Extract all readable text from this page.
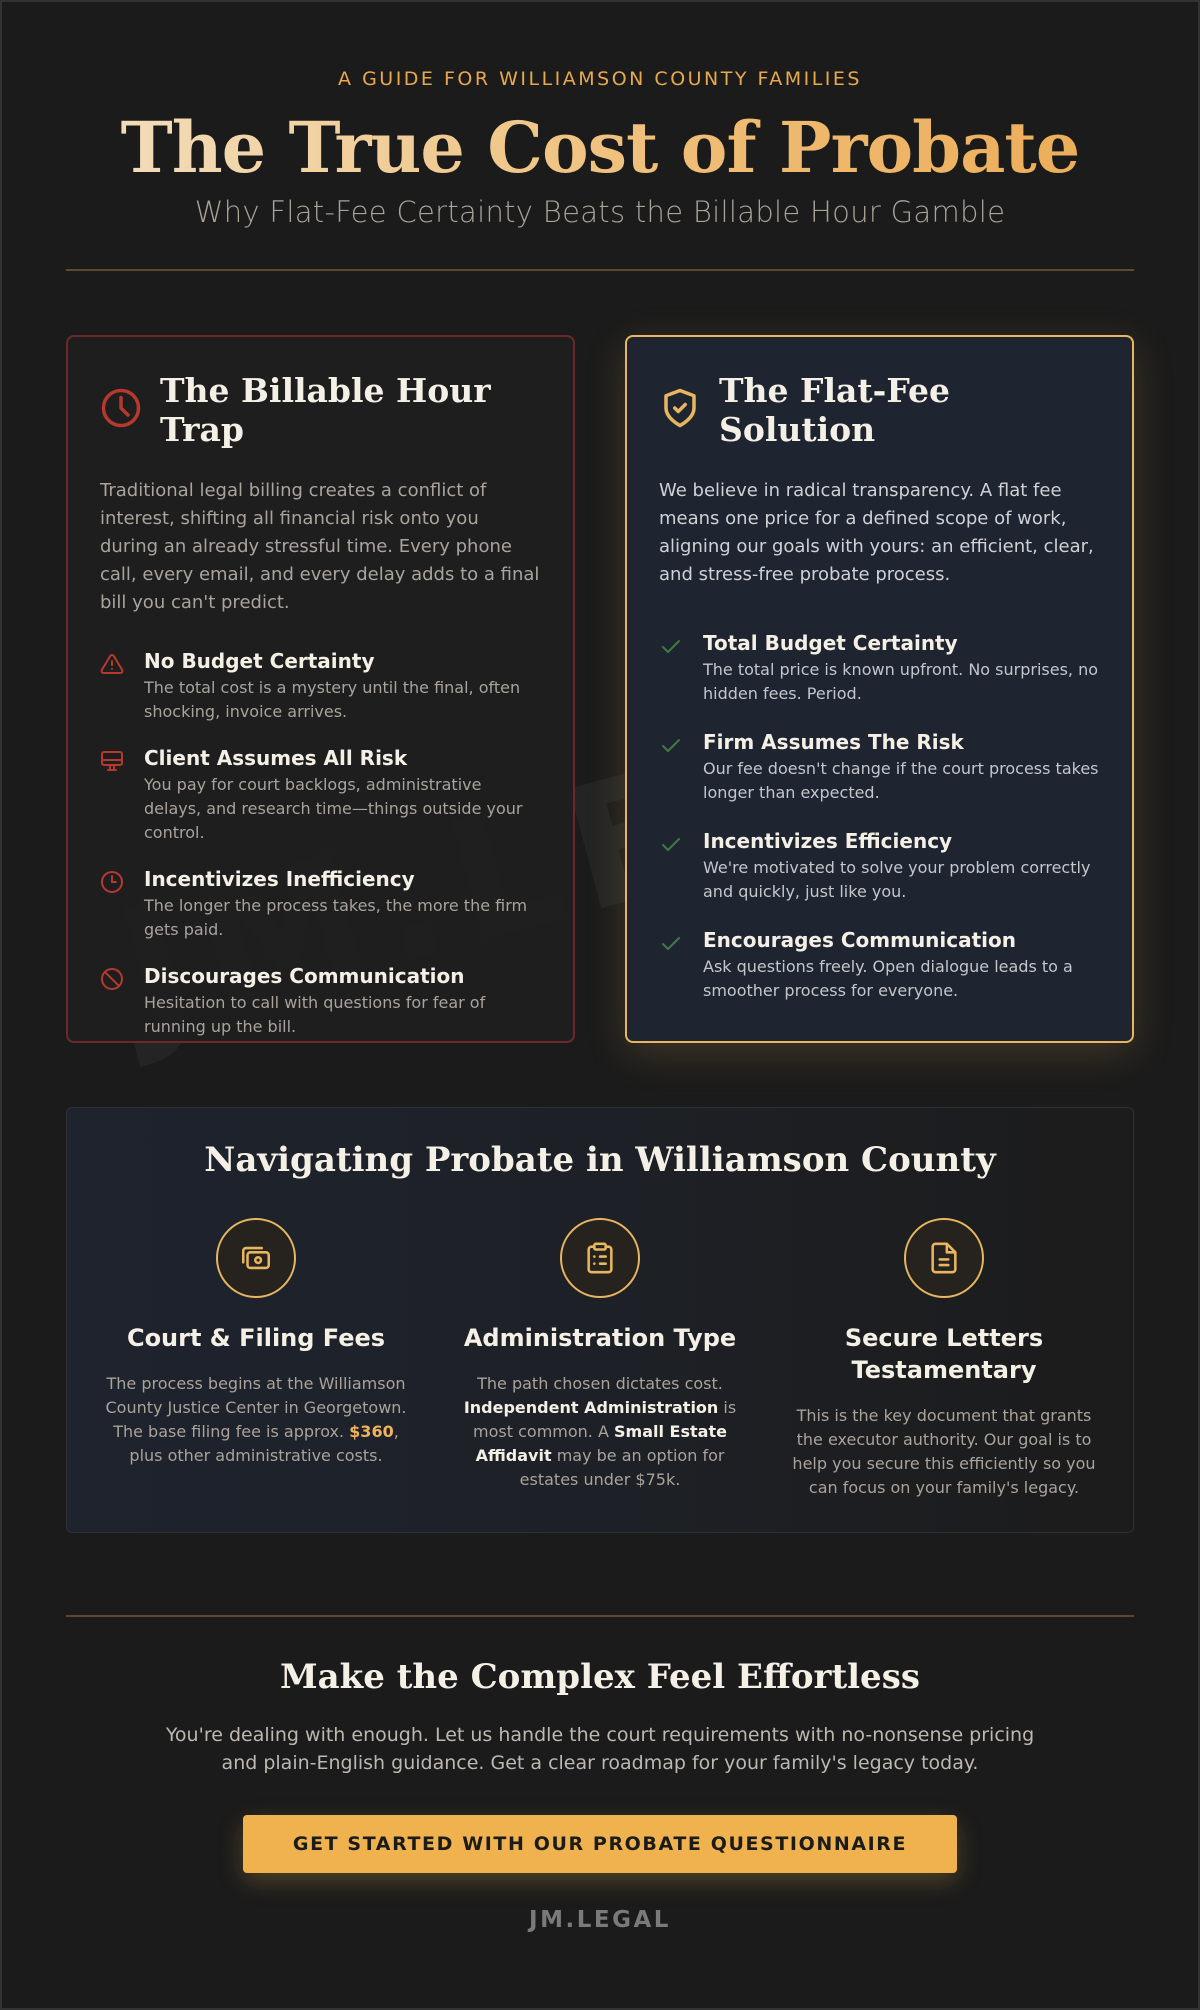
A GUIDE FOR WILLIAMSON COUNTY FAMILIES
The True Cost of Probate
Why Flat-Fee Certainty Beats the Billable Hour Gamble
The Billable Hour Trap

Traditional legal billing creates a conflict of interest, shifting all financial risk onto you during an already stressful time. Every phone call, every email, and every delay adds to a final bill you can't predict.

No Budget Certainty
The total cost is a mystery until the final, often shocking, invoice arrives.
Client Assumes All Risk
You pay for court backlogs, administrative delays, and research time—things outside your control.
Incentivizes Inefficiency
The longer the process takes, the more the firm gets paid.
Discourages Communication
Hesitation to call with questions for fear of running up the bill.
The Flat-Fee Solution

We believe in radical transparency. A flat fee means one price for a defined scope of work, aligning our goals with yours: an efficient, clear, and stress-free probate process.

Total Budget Certainty
The total price is known upfront. No surprises, no hidden fees. Period.
Firm Assumes The Risk
Our fee doesn't change if the court process takes longer than expected.
Incentivizes Efficiency
We're motivated to solve your problem correctly and quickly, just like you.
Encourages Communication
Ask questions freely. Open dialogue leads to a smoother process for everyone.
Navigating Probate in Williamson County
Court & Filing Fees

The process begins at the Williamson County Justice Center in Georgetown. The base filing fee is approx. $360, plus other administrative costs.

Administration Type

The path chosen dictates cost. Independent Administration is most common. A Small Estate Affidavit may be an option for estates under $75k.

Secure Letters Testamentary

This is the key document that grants the executor authority. Our goal is to help you secure this efficiently so you can focus on your family's legacy.

Make the Complex Feel Effortless

You're dealing with enough. Let us handle the court requirements with no-nonsense pricing and plain-English guidance. Get a clear roadmap for your family's legacy today.

GET STARTED WITH OUR PROBATE QUESTIONNAIRE
JM.LEGAL
